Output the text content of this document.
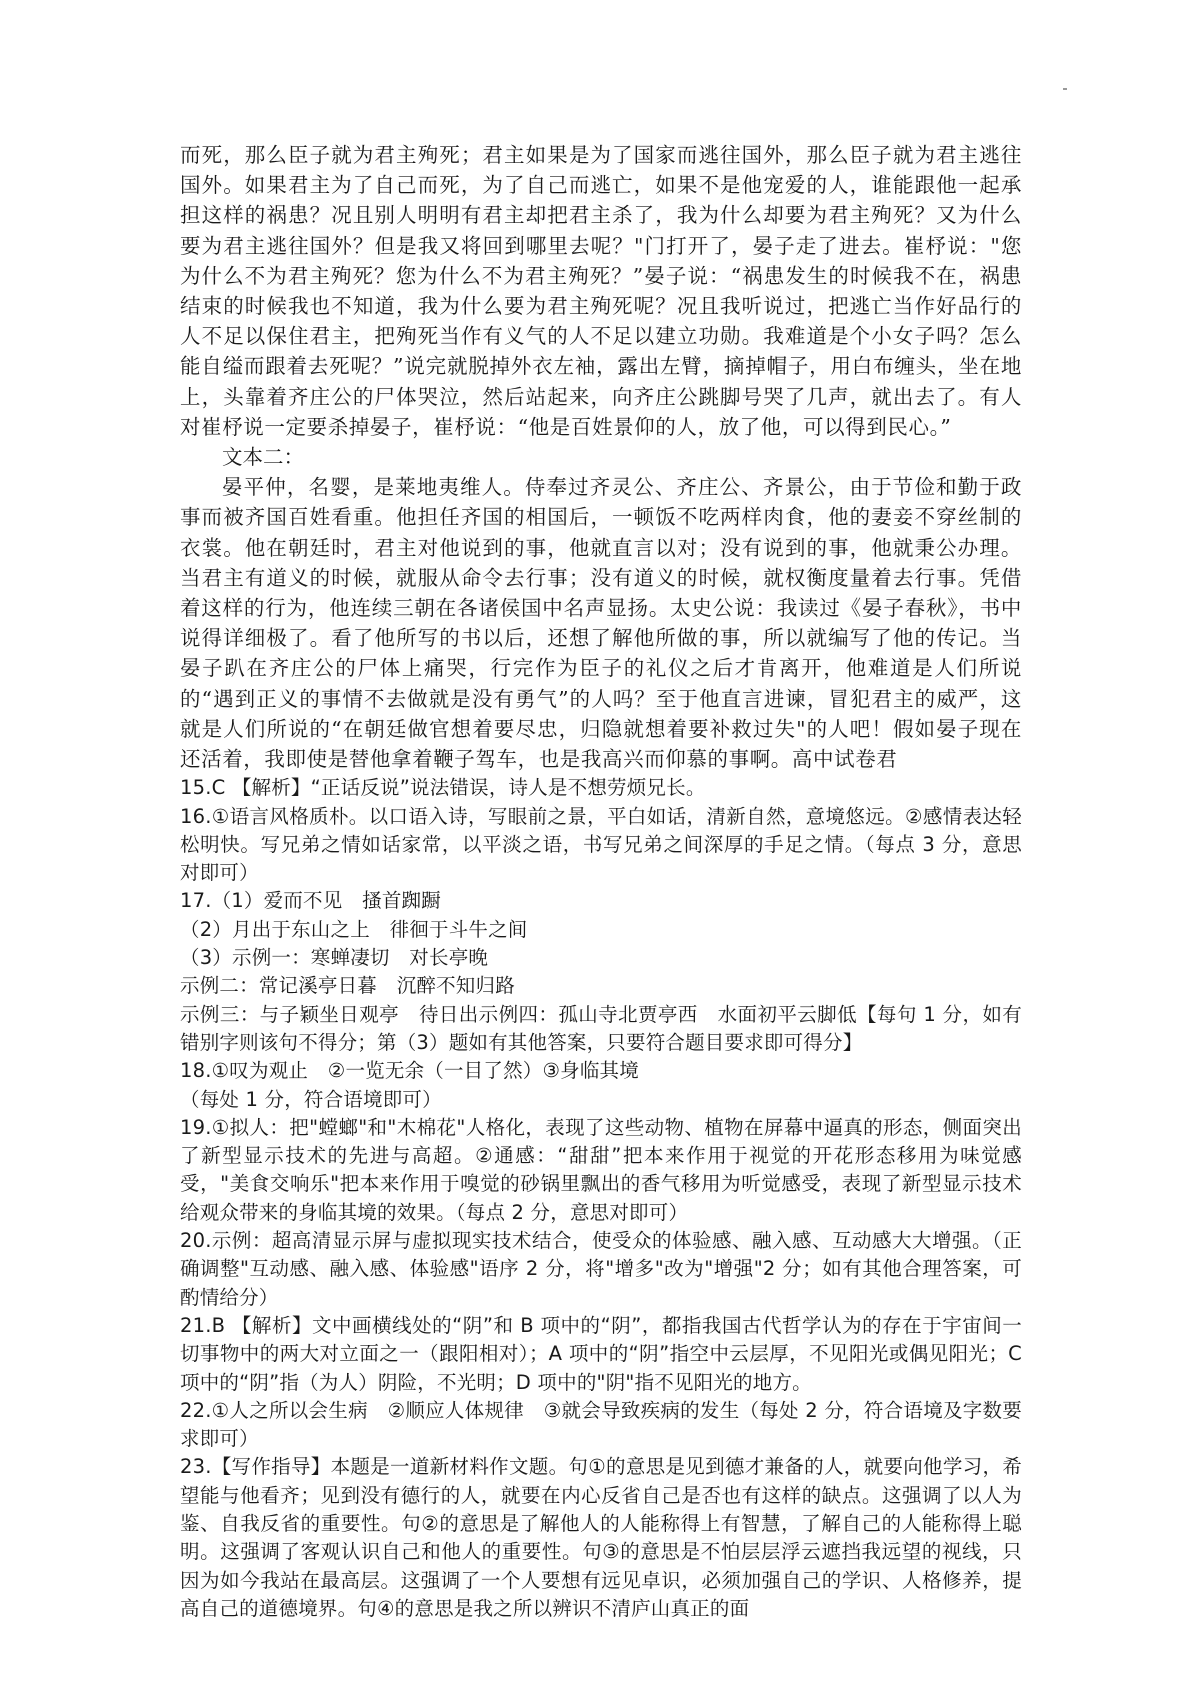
而死，那么臣子就为君主殉死；君主如果是为了国家而逃往国外，那么臣子就为君主逃往国外。如果君主为了自己而死，为了自己而逃亡，如果不是他宠爱的人，谁能跟他一起承担这样的祸患？况且别人明明有君主却把君主杀了，我为什么却要为君主殉死？又为什么要为君主逃往国外？但是我又将回到哪里去呢？"门打开了，晏子走了进去。崔杼说："您为什么不为君主殉死？您为什么不为君主殉死？”晏子说：“祸患发生的时候我不在，祸患结束的时候我也不知道，我为什么要为君主殉死呢？况且我听说过，把逃亡当作好品行的人不足以保住君主，把殉死当作有义气的人不足以建立功勋。我难道是个小女子吗？怎么能自缢而跟着去死呢？”说完就脱掉外衣左袖，露出左臂，摘掉帽子，用白布缠头，坐在地上，头靠着齐庄公的尸体哭泣，然后站起来，向齐庄公跳脚号哭了几声，就出去了。有人对崔杼说一定要杀掉晏子，崔杼说：“他是百姓景仰的人，放了他，可以得到民心。”

文本二：

晏平仲，名婴，是莱地夷维人。侍奉过齐灵公、齐庄公、齐景公，由于节俭和勤于政事而被齐国百姓看重。他担任齐国的相国后，一顿饭不吃两样肉食，他的妻妾不穿丝制的衣裳。他在朝廷时，君主对他说到的事，他就直言以对；没有说到的事，他就秉公办理。当君主有道义的时候，就服从命令去行事；没有道义的时候，就权衡度量着去行事。凭借着这样的行为，他连续三朝在各诸侯国中名声显扬。太史公说：我读过《晏子春秋》，书中说得详细极了。看了他所写的书以后，还想了解他所做的事，所以就编写了他的传记。当晏子趴在齐庄公的尸体上痛哭，行完作为臣子的礼仪之后才肯离开，他难道是人们所说的“遇到正义的事情不去做就是没有勇气”的人吗？至于他直言进谏，冒犯君主的威严，这就是人们所说的“在朝廷做官想着要尽忠，归隐就想着要补救过失"的人吧！假如晏子现在还活着，我即使是替他拿着鞭子驾车，也是我高兴而仰慕的事啊。高中试卷君

15.C 【解析】“正话反说”说法错误，诗人是不想劳烦兄长。

16.①语言风格质朴。以口语入诗，写眼前之景，平白如话，清新自然，意境悠远。②感情表达轻松明快。写兄弟之情如话家常，以平淡之语，书写兄弟之间深厚的手足之情。（每点 3 分，意思对即可）

17.（1）爱而不见　搔首踟蹰

（2）月出于东山之上　徘徊于斗牛之间

（3）示例一：寒蝉凄切　对长亭晚

示例二：常记溪亭日暮　沉醉不知归路

示例三：与子颖坐日观亭　待日出示例四：孤山寺北贾亭西　水面初平云脚低【每句 1 分，如有错别字则该句不得分；第（3）题如有其他答案，只要符合题目要求即可得分】

18.①叹为观止　②一览无余（一目了然）③身临其境

（每处 1 分，符合语境即可）

19.①拟人：把"螳螂"和"木棉花"人格化，表现了这些动物、植物在屏幕中逼真的形态，侧面突出了新型显示技术的先进与高超。②通感：“甜甜”把本来作用于视觉的开花形态移用为味觉感受，"美食交响乐"把本来作用于嗅觉的砂锅里飘出的香气移用为听觉感受，表现了新型显示技术给观众带来的身临其境的效果。（每点 2 分，意思对即可）

20.示例：超高清显示屏与虚拟现实技术结合，使受众的体验感、融入感、互动感大大增强。（正确调整"互动感、融入感、体验感"语序 2 分，将"增多"改为"增强"2 分；如有其他合理答案，可酌情给分）

21.B 【解析】文中画横线处的“阴”和 B 项中的“阴”，都指我国古代哲学认为的存在于宇宙间一切事物中的两大对立面之一（跟阳相对）；A 项中的“阴”指空中云层厚，不见阳光或偶见阳光；C 项中的“阴”指（为人）阴险，不光明；D 项中的"阴"指不见阳光的地方。

22.①人之所以会生病　②顺应人体规律　③就会导致疾病的发生（每处 2 分，符合语境及字数要求即可）

23.【写作指导】本题是一道新材料作文题。句①的意思是见到德才兼备的人，就要向他学习，希望能与他看齐；见到没有德行的人，就要在内心反省自己是否也有这样的缺点。这强调了以人为鉴、自我反省的重要性。句②的意思是了解他人的人能称得上有智慧，了解自己的人能称得上聪明。这强调了客观认识自己和他人的重要性。句③的意思是不怕层层浮云遮挡我远望的视线，只因为如今我站在最高层。这强调了一个人要想有远见卓识，必须加强自己的学识、人格修养，提高自己的道德境界。句④的意思是我之所以辨识不清庐山真正的面
